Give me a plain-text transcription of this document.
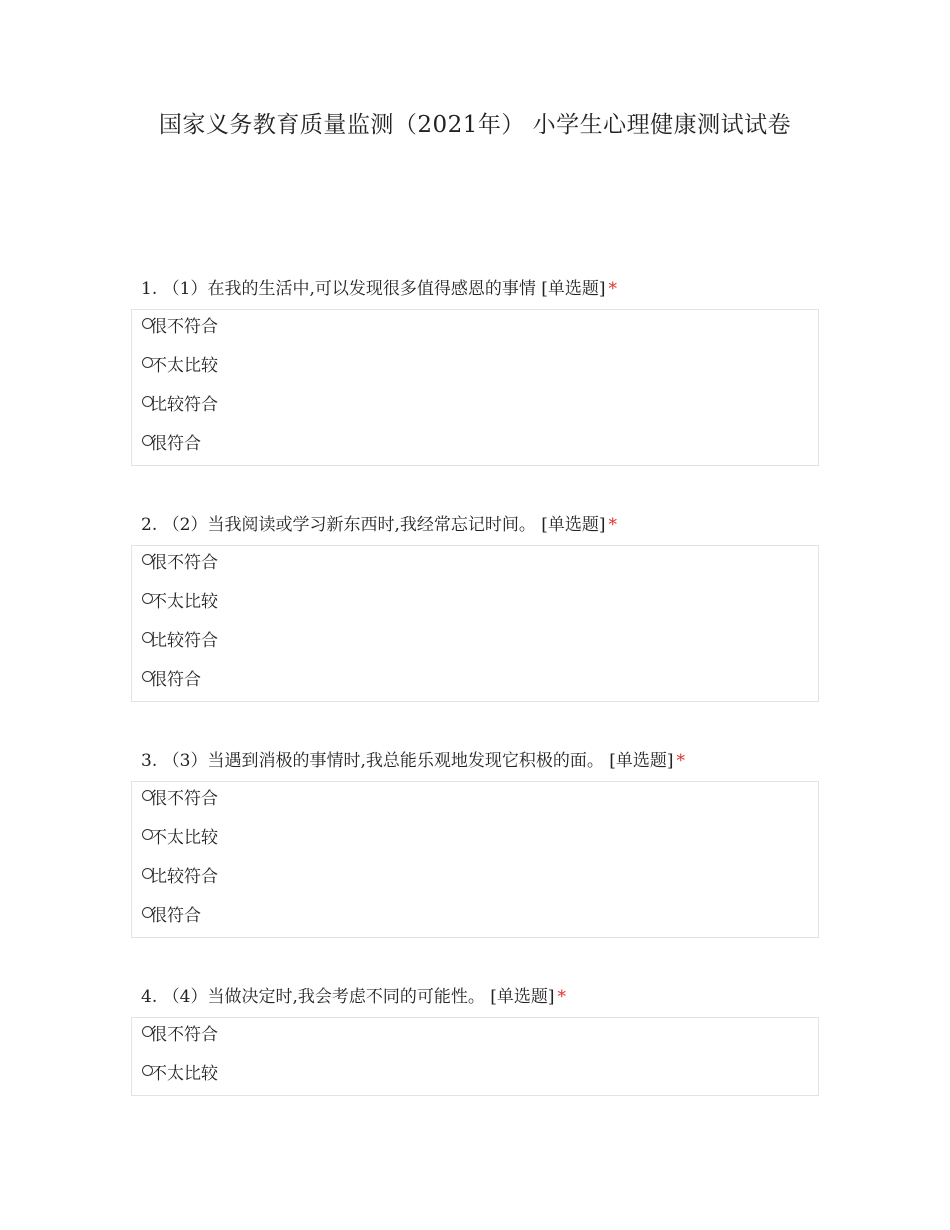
国家义务教育质量监测（2021年） 小学生心理健康测试试卷
1. （1）在我的生活中,可以发现很多值得感恩的事情 [单选题] *
很不符合
不太比较
比较符合
很符合
2. （2）当我阅读或学习新东西时,我经常忘记时间。 [单选题] *
很不符合
不太比较
比较符合
很符合
3. （3）当遇到消极的事情时,我总能乐观地发现它积极的面。 [单选题] *
很不符合
不太比较
比较符合
很符合
4. （4）当做决定时,我会考虑不同的可能性。 [单选题] *
很不符合
不太比较
